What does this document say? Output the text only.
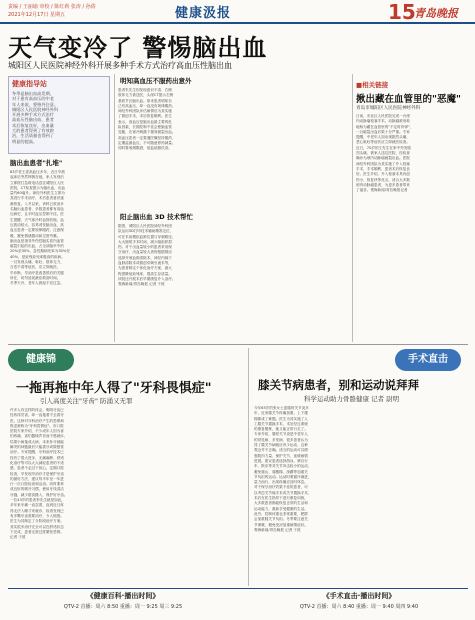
责编 / 王丽瑜 审校 / 陈红莉 张涛 / 孙倩
2021年12月17日 星期五	健康汲报	15
青岛晚报
天气变冷了 警惕脑出血
城阳区人民医院神经外科开展多种手术方式治疗高血压性脑出血
健康指导站
冬季是脑出血高发期，
对于患有高血压的中老
年人来说，要格外注意。
城阳区人民医院神经外科
开展多种手术方式治疗
高血压性脑出血，患者
术后恢复良好，出血量
大的患者得到了有效救
治，生活质量也得到了
明显的提高。
脑出血患者"扎堆"
83岁老王患高血压多年，近日早晨
起床后突然摔倒在地，家人发现后
立即拨打急救电话送往城阳区人民
医院，CT检查提示为脑出血，出血
量约60毫升。神经外科医生立即为
其进行手术治疗，术后患者意识逐
渐恢复。入冬以来，该科已收治多
名脑出血患者，多数患者都有高血
压病史，且平时血压控制不佳。医
生提醒，天气寒冷时血管收缩，血
压波动较大，容易诱发脑出血，高
血压患者一定要规律服药，注意保
暖，避免情绪激动和过度劳累。
脑出血是指非外伤性脑实质内血管
破裂引起的出血，占全部脑卒中的
20%至30%，急性期病死率为30%至
40%，是致残致死率极高的疾病。
一旦发现头痛、呕吐、肢体无力、
言语不清等症状，应立即就医。
早诊断、早治疗是改善预后的关键
所在，切勿延误最佳救治时间。
冬季天冷，老年人晨起不宜过急。
明知高血压不服药出意外
患者朱先生因发现意识不清、右侧
肢体无力被送医，头颅CT提示左侧
基底节区脑出血。原来患者明知自
己有高血压，却一直没有规律服药。
神经外科团队评估病情后为其实施
了微创手术，术后恢复顺利。医生
表示，高血压是脑出血最主要的危
险因素，长期控制不佳会使脑血管
变脆，在寒冷刺激下极易破裂出血。
高血压患者一定要遵医嘱坚持服药，
定期监测血压，不可随意停药减量。
同时要戒烟限酒，低盐低脂饮食。
阳止脑出血 3D 技术帮忙
据悉，城阳区人民医院神经外科团
队运用3D打印技术辅助精准定位，
可在术前模拟血肿位置与穿刺路径，
大大缩短手术时间，减少脑组织损
伤。对于出血量较小的患者采用保
守治疗，出血量较大者则根据情况
选择开颅血肿清除术、神经内镜下
血肿清除术或微创穿刺引流术等，
为患者制定个体化治疗方案，最大
程度降低致残率，提高生存质量。
该院还开展术后早期康复介入治疗。
观海新闻/青岛晚报 记者 于波
■相关链接
揪出藏在血管里的"恶魔"
青岛市城阳区人民医院神经外科
日前，市北区人民医院完成一台颅
内动脉瘤栓塞手术。动脉瘤被形象
地称为藏在血管里的"不定时炸弹"，
一旦破裂出血后果十分严重。专家
提醒，中老年人如出现剧烈头痛、
恶心呕吐等症状应立即就医检查。
近日，70岁的王先生在家中突发剧
烈头痛，被家人送往医院，经检查
确诊为颅内动脉瘤破裂出血。医院
神经外科团队为其实施了介入栓塞
手术，手术顺利，患者术后恢复良
好。医生介绍，介入栓塞术具有创
伤小、恢复快等优点，适合大多数
颅内动脉瘤患者，为更多患者带来
了福音。观海新闻/青岛晚报记者
健康锦
一拖再拖中年人得了"牙科畏惧症"
引人高度关注"牙齿" 防涌又无罪
许多人有这样的体会，明明牙齿已
经疼得厉害，却一直拖着不去看牙
医。这种对牙科治疗产生的恐惧和
焦虑被称为"牙科畏惧症"。市口腔
医院专家介绍，不少成年人因为害
怕疼痛、害怕器械声音而不愿就诊，
结果小病拖成大病，本来补牙就能
解决的问题最后只能拔牙或做根管
治疗。专家提醒，牙科治疗技术已
经有了很大进步，无痛麻醉、舒适
化治疗等可以大大减轻患者的不适
感，患者不必过于担心。定期口腔
检查，早发现早治疗才是保护牙齿
的最好方法，建议每半年至一年进
行一次口腔检查和洁治。同时要养
成良好的刷牙习惯，使用牙线清洁
牙缝，减少甜食摄入，保护好牙齿。
一位43岁的患者李先生就是如此，
多年来牙痛一直忍着，直到近日疼
得无法入睡才来就诊，检查发现已
有多颗牙齿需要治疗，令人惋惜。
医生为其制定了分阶段治疗方案。
其实很多治疗完全可以在舒适状态
下完成，患者无需过度紧张恐惧。
记者 于波
手术直击
膝关节病患者，别和运动说拜拜
科学运动助力骨骼健康 记者 尉明
今年65岁的张女士患膝骨关节炎多
年，近来膝关节疼痛加重，上下楼
梯都成了难题。医生为其实施了人
工膝关节置换手术，术后经过系统
的康复锻炼，她又能正常行走了。
专家介绍，膝骨关节炎是中老年人
的常见病、多发病，很多患者认为
得了膝关节病就应该少运动，这种
观念并不正确。适当的运动可以增
强肌肉力量，保护关节，延缓病情
进展。建议患者选择游泳、骑自行
车、散步等对关节冲击较小的运动，
避免爬山、爬楼梯、深蹲等加重关
节负担的运动。运动时要循序渐进，
量力而行，出现疼痛应及时休息。
对于保守治疗效果不佳的患者，可
以考虑关节镜手术或关节置换手术，
术后在医生指导下进行康复训练，
大多数患者都能恢复正常的生活和
运动能力，重新享受健康的生活。
此外，控制体重也非常重要，肥胖
会加重膝关节负担。冬季要注意关
节保暖，避免受凉加重病情症状。
观海新闻/青岛晚报 记者 于波
《健康百科·播出时间》
QTV-2 首播：周六 8:50 重播：周一 9:25 周三 9:25
《手术直击·播出时间》
QTV-2 首播：周六 8:40 重播：周一 9:40 周四 9:40
